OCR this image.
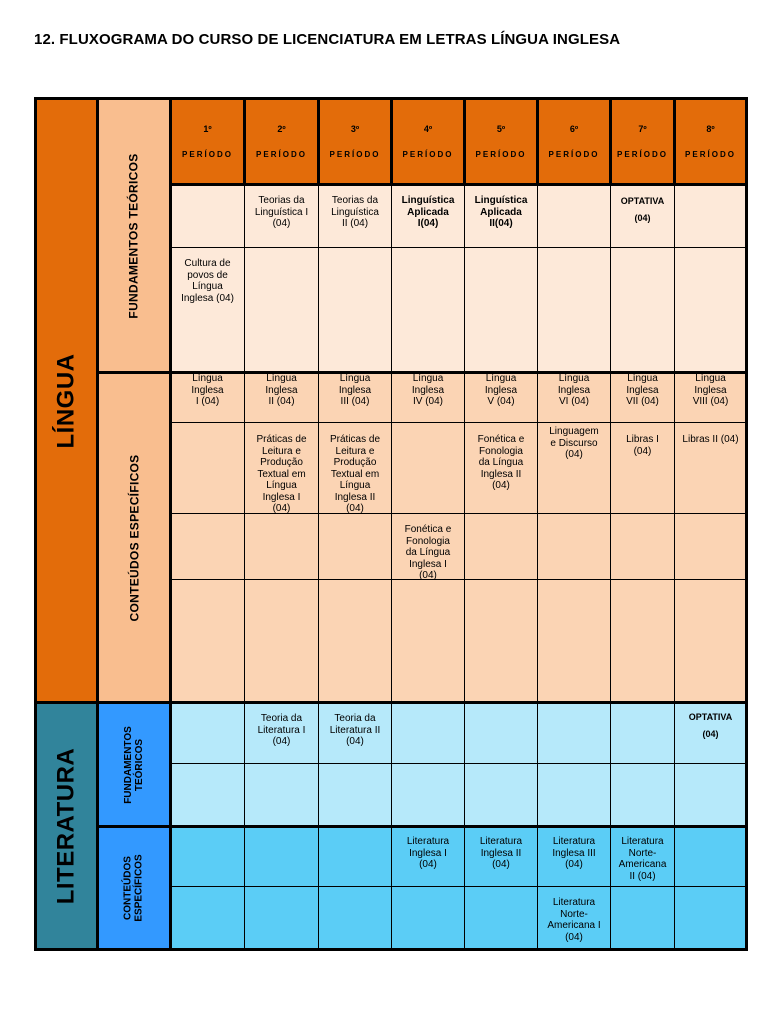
12. FLUXOGRAMA DO CURSO DE LICENCIATURA EM LETRAS LÍNGUA INGLESA
LÍNGUA
LITERATURA
FUNDAMENTOS TEÓRICOS
CONTEÚDOS ESPECÍFICOS
FUNDAMENTOS
TEÓRICOS
CONTEÚDOS
ESPECÍFICOS
1º
PERÍODO
2º
PERÍODO
3º
PERÍODO
4º
PERÍODO
5º
PERÍODO
6º
PERÍODO
7º
PERÍODO
8º
PERÍODO
Teorias da
Linguística I
(04)
Teorias da
Linguística
II (04)
Linguística
Aplicada
I(04)
Linguística
Aplicada
II(04)
OPTATIVA
(04)
Cultura de
povos de
Língua
Inglesa (04)
Língua
Inglesa
I (04)
Língua
Inglesa
II (04)
Língua
Inglesa
III (04)
Língua
Inglesa
IV (04)
Língua
Inglesa
V (04)
Língua
Inglesa
VI (04)
Língua
Inglesa
VII (04)
Língua
Inglesa
VIII (04)
Práticas de
Leitura e
Produção
Textual em
Língua
Inglesa I
(04)
Práticas de
Leitura e
Produção
Textual em
Língua
Inglesa II
(04)
Fonética e
Fonologia
da Língua
Inglesa II
(04)
Linguagem
e Discurso
(04)
Libras I
(04)
Libras II (04)
Fonética e
Fonologia
da Língua
Inglesa I
(04)
Teoria da
Literatura I
(04)
Teoria da
Literatura II
(04)
OPTATIVA
(04)
Literatura
Inglesa I
(04)
Literatura
Inglesa II
(04)
Literatura
Inglesa III
(04)
Literatura
Norte-
Americana
II (04)
Literatura
Norte-
Americana I
(04)
